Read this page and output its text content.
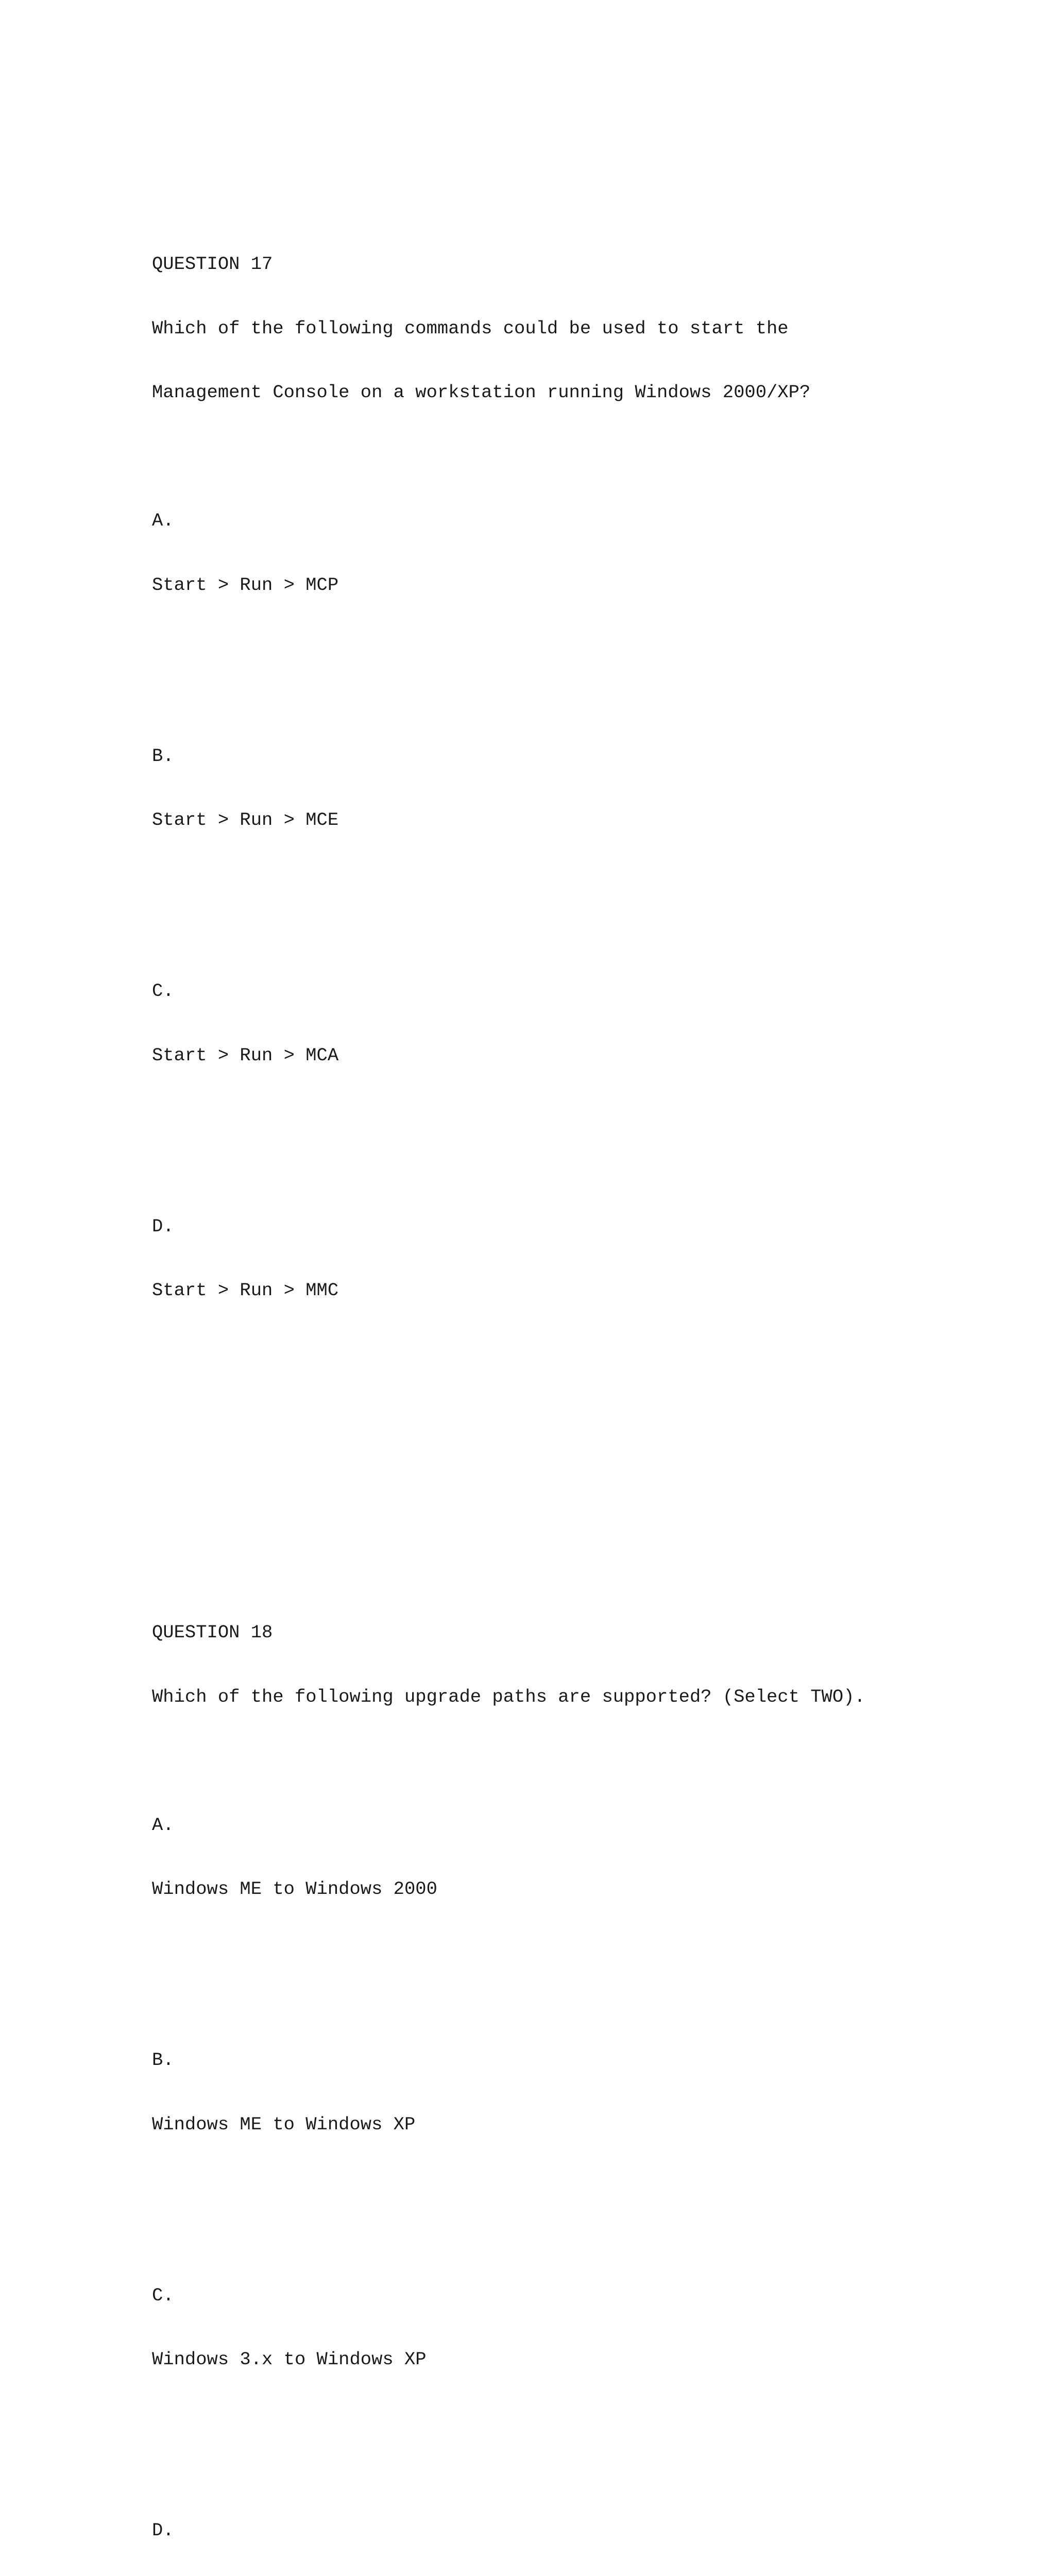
QUESTION 17

Which of the following commands could be used to start the

Management Console on a workstation running Windows 2000/XP?

A.

Start > Run > MCP

B.

Start > Run > MCE

C.

Start > Run > MCA

D.

Start > Run > MMC

QUESTION 18

Which of the following upgrade paths are supported? (Select TWO).

A.

Windows ME to Windows 2000

B.

Windows ME to Windows XP

C.

Windows 3.x to Windows XP

D.
